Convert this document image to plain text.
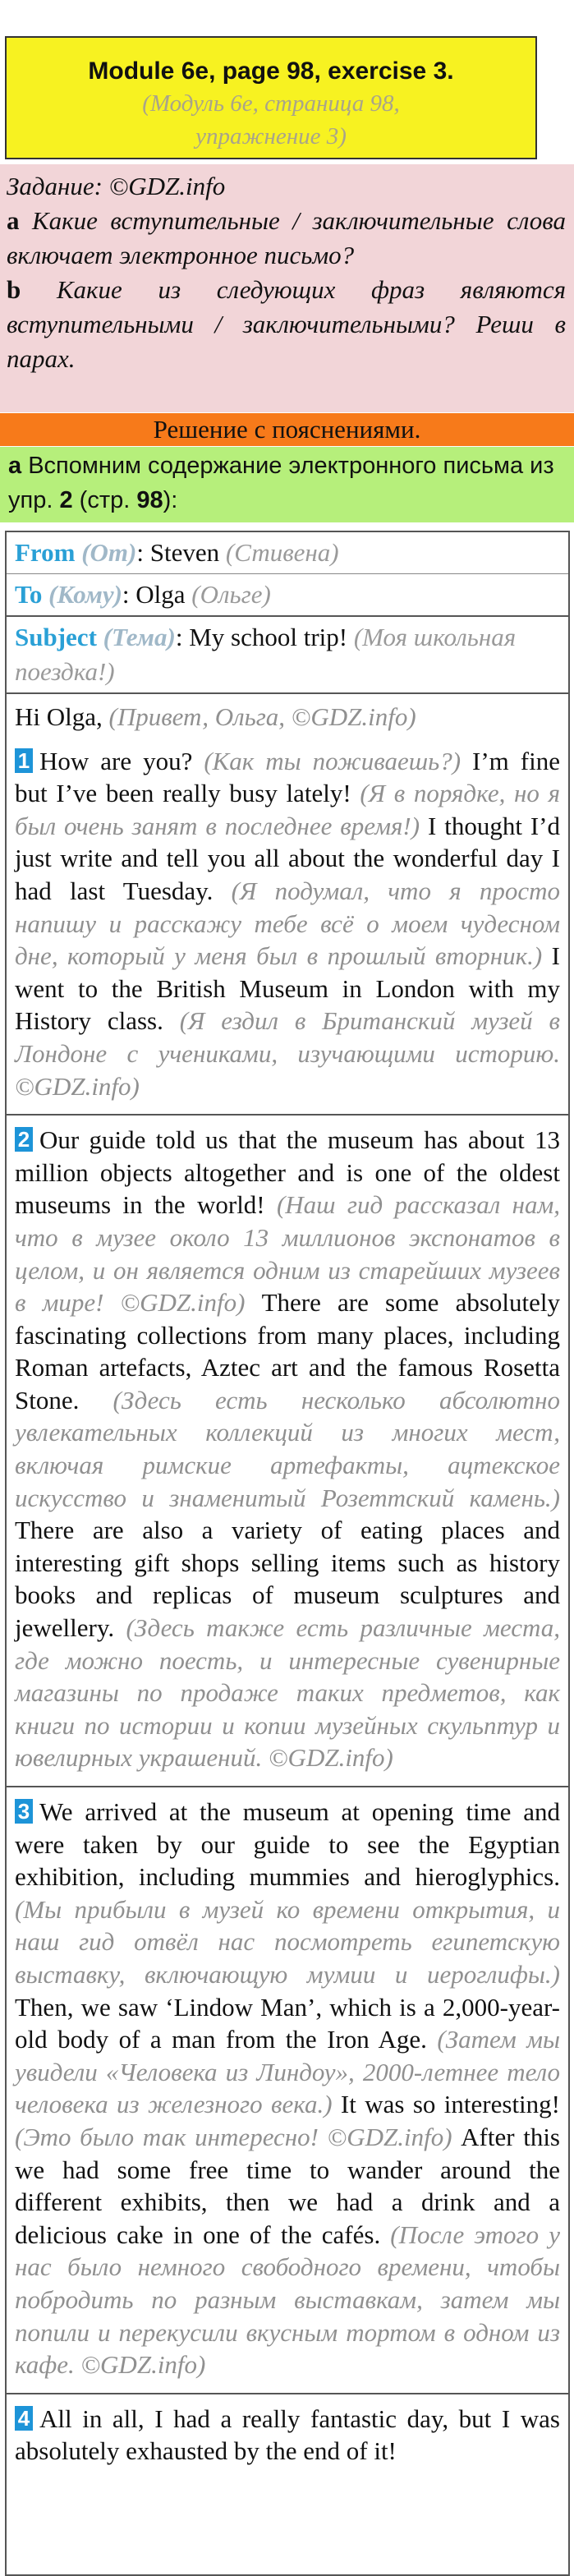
Module 6e, page 98, exercise 3.
(Модуль 6e, страница 98,
упражнение 3)

Задание: ©GDZ.info

a Какие вступительные / заключительные слова включает электронное письмо?

b Какие из следующих фраз являются вступительными / заключительными? Реши в парах.

Решение с пояснениями.
a Вспомним содержание электронного письма из упр. 2 (стр. 98):
From (От): Steven (Стивена)
To (Кому): Olga (Ольге)
Subject (Тема): My school trip! (Моя школьная поездка!)

Hi Olga, (Привет, Ольга, ©GDZ.info)

1 How are you? (Как ты поживаешь?) I’m fine but I’ve been really busy lately! (Я в порядке, но я был очень занят в последнее время!) I thought I’d just write and tell you all about the wonderful day I had last Tuesday. (Я подумал, что я просто напишу и расскажу тебе всё о моем чудесном дне, который у меня был в прошлый вторник.) I went to the British Museum in London with my History class. (Я ездил в Британский музей в Лондоне с учениками, изучающими историю. ©GDZ.info)

2 Our guide told us that the museum has about 13 million objects altogether and is one of the oldest museums in the world! (Наш гид рассказал нам, что в музее около 13 миллионов экспонатов в целом, и он является одним из старейших музеев в мире! ©GDZ.info) There are some absolutely fascinating collections from many places, including Roman artefacts, Aztec art and the famous Rosetta Stone. (Здесь есть несколько абсолютно увлекательных коллекций из многих мест, включая римские артефакты, ацтекское искусство и знаменитый Розеттский камень.) There are also a variety of eating places and interesting gift shops selling items such as history books and replicas of museum sculptures and jewellery. (Здесь также есть различные места, где можно поесть, и интересные сувенирные магазины по продаже таких предметов, как книги по истории и копии музейных скульптур и ювелирных украшений. ©GDZ.info)

3 We arrived at the museum at opening time and were taken by our guide to see the Egyptian exhibition, including mummies and hieroglyphics. (Мы прибыли в музей ко времени открытия, и наш гид отвёл нас посмотреть египетскую выставку, включающую мумии и иероглифы.) Then, we saw ‘Lindow Man’, which is a 2,000-year-old body of a man from the Iron Age. (Затем мы увидели «Человека из Линдоу», 2000-летнее тело человека из железного века.) It was so interesting! (Это было так интересно! ©GDZ.info) After this we had some free time to wander around the different exhibits, then we had a drink and a delicious cake in one of the cafés. (После этого у нас было немного свободного времени, чтобы побродить по разным выставкам, затем мы попили и перекусили вкусным тортом в одном из кафе. ©GDZ.info)

4 All in all, I had a really fantastic day, but I was absolutely exhausted by the end of it!
